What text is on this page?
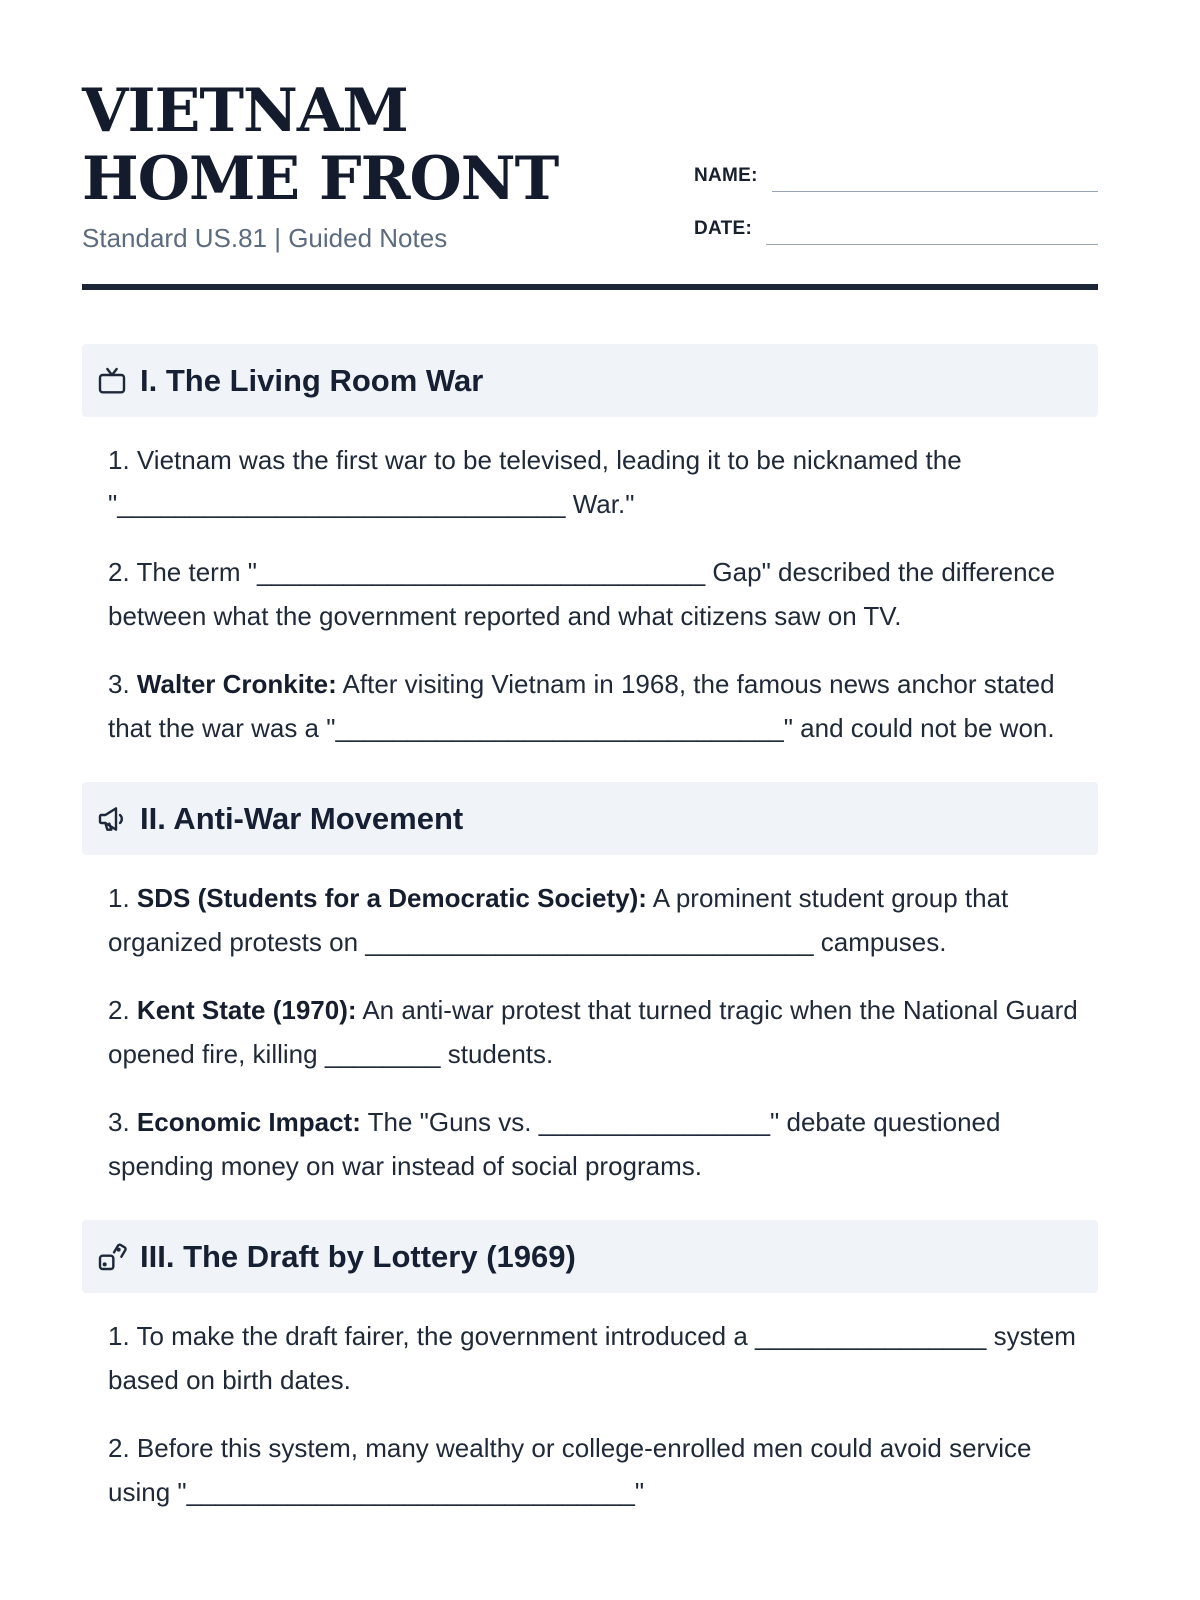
VIETNAM HOME FRONT
Standard US.81 | Guided Notes
NAME:
DATE:
I. The Living Room War

1. Vietnam was the first war to be televised, leading it to be nicknamed the "_______________________________ War."

2. The term "_______________________________ Gap" described the difference between what the government reported and what citizens saw on TV.

3. Walter Cronkite: After visiting Vietnam in 1968, the famous news anchor stated that the war was a "_______________________________" and could not be won.

II. Anti-War Movement

1. SDS (Students for a Democratic Society): A prominent student group that organized protests on _______________________________ campuses.

2. Kent State (1970): An anti-war protest that turned tragic when the National Guard opened fire, killing ________ students.

3. Economic Impact: The "Guns vs. ________________" debate questioned spending money on war instead of social programs.

III. The Draft by Lottery (1969)

1. To make the draft fairer, the government introduced a ________________ system based on birth dates.

2. Before this system, many wealthy or college-enrolled men could avoid service using "_______________________________"
